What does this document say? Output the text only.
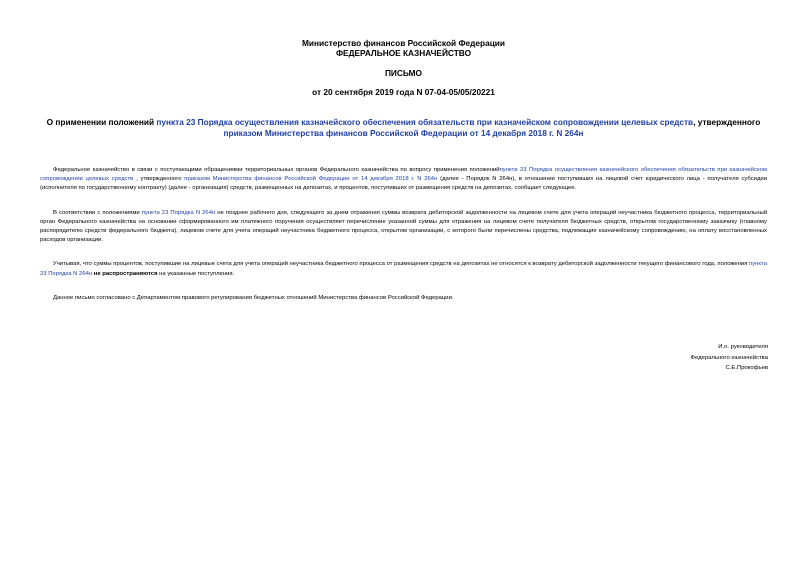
Министерство финансов Российской Федерации
ФЕДЕРАЛЬНОЕ КАЗНАЧЕЙСТВО
ПИСЬМО
от 20 сентября 2019 года N 07-04-05/05/20221
О применении положений пункта 23 Порядка осуществления казначейского обеспечения обязательств при казначейском сопровождении целевых средств, утвержденного приказом Министерства финансов Российской Федерации от 14 декабря 2018 г. N 264н

Федеральное казначейство в связи с поступающими обращениями территориальных органов Федерального казначейства по вопросу применения положенийпункта 23 Порядка осуществления казначейского обеспечения обязательств при казначейском сопровождении целевых средств , утвержденного приказом Министерства финансов Российской Федерации от 14 декабря 2018 г. N 264н (далее - Порядок N 264н), в отношении поступивших на лицевой счет юридического лица - получателя субсидии (исполнителя по государственному контракту) (далее - организация) средств, размещенных на депозитах, и процентов, поступивших от размещения средств на депозитах, сообщает следующее.

В соответствии с положениями пункта 23 Порядка N 264н не позднее рабочего дня, следующего за днем отражения суммы возврата дебиторской задолженности на лицевом счете для учета операций неучастника бюджетного процесса, территориальный орган Федерального казначейства на основании сформированного им платежного поручения осуществляет перечисление указанной суммы для отражения на лицевом счете получателя бюджетных средств, открытом государственному заказчику (главному распорядителю средств федерального бюджета), лицевом счете для учета операций неучастника бюджетного процесса, открытом организации, с которого были перечислены средства, подлежащие казначейскому сопровождению, на оплату восстановленных расходов организации.

Учитывая, что суммы процентов, поступившие на лицевые счета для учета операций неучастника бюджетного процесса от размещения средств на депозитах не относятся к возврату дебиторской задолженности текущего финансового года, положения пункта 23 Порядка N 264н не распространяются на указанные поступления.

Данное письмо согласовано с Департаментом правового регулирования бюджетных отношений Министерства финансов Российской Федерации.

И.о. руководителя
Федерального казначейства
С.Е.Прокофьев
